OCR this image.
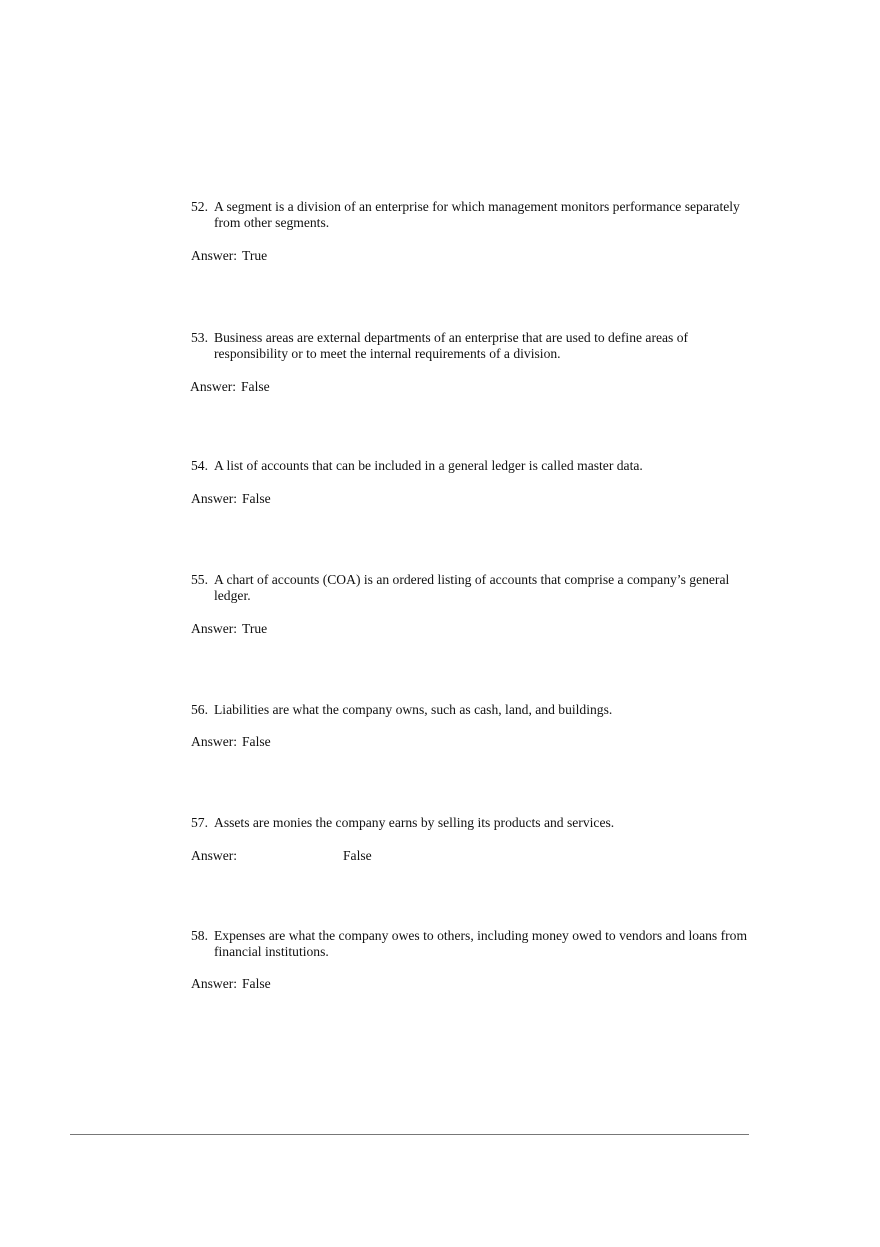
52. A segment is a division of an enterprise for which management monitors performance separately
from other segments.
Answer: True
53. Business areas are external departments of an enterprise that are used to define areas of
responsibility or to meet the internal requirements of a division.
Answer: False
54. A list of accounts that can be included in a general ledger is called master data.
Answer: False
55. A chart of accounts (COA) is an ordered listing of accounts that comprise a company’s general
ledger.
Answer: True
56. Liabilities are what the company owns, such as cash, land, and buildings.
Answer: False
57. Assets are monies the company earns by selling its products and services.
Answer:	False
58. Expenses are what the company owes to others, including money owed to vendors and loans from
financial institutions.
Answer: False
